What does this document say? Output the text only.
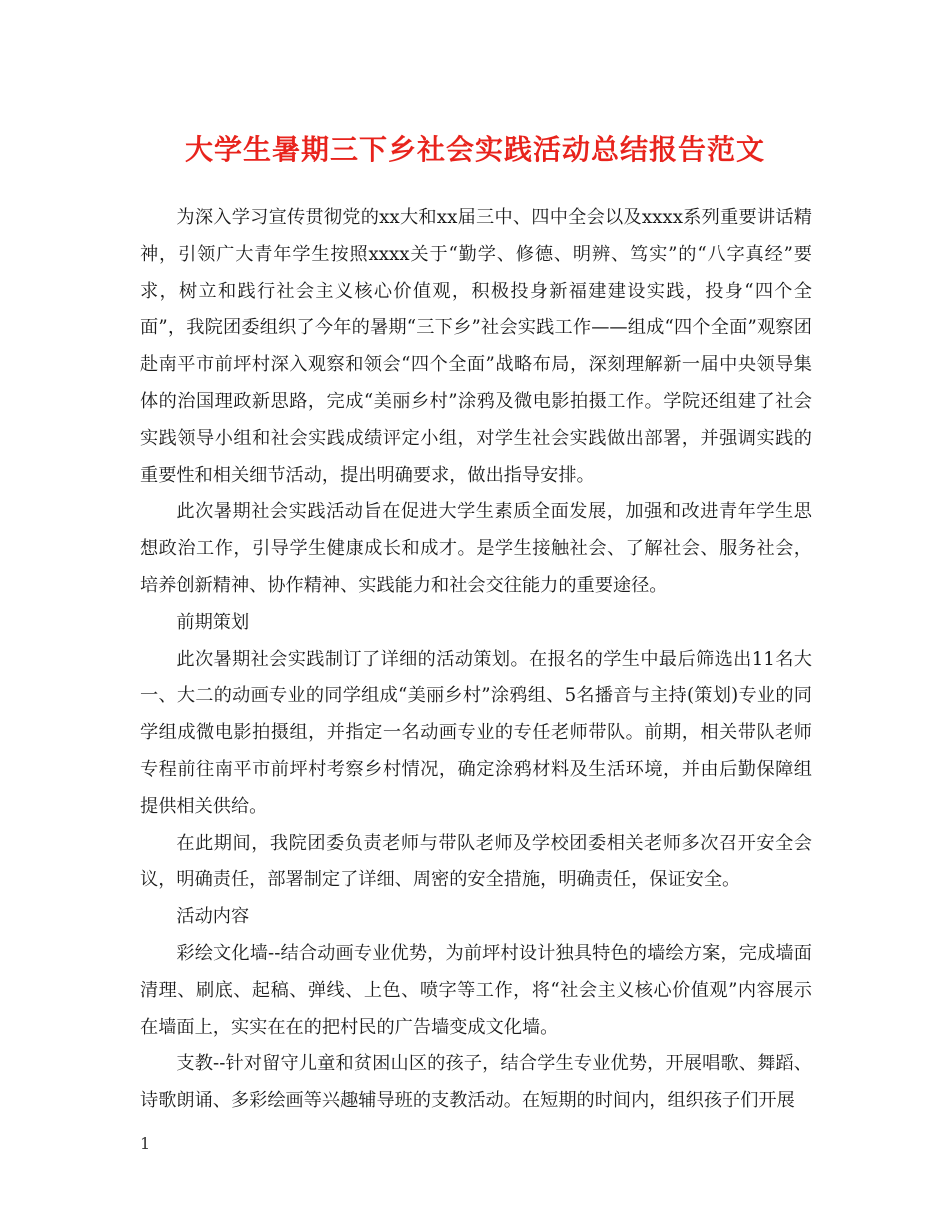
大学生暑期三下乡社会实践活动总结报告范文

为深入学习宣传贯彻党的xx大和xx届三中、四中全会以及xxxx系列重要讲话精神，引领广大青年学生按照xxxx关于“勤学、修德、明辨、笃实”的“八字真经”要求，树立和践行社会主义核心价值观，积极投身新福建建设实践，投身“四个全面”，我院团委组织了今年的暑期“三下乡”社会实践工作——组成“四个全面”观察团赴南平市前坪村深入观察和领会“四个全面”战略布局，深刻理解新一届中央领导集体的治国理政新思路，完成“美丽乡村”涂鸦及微电影拍摄工作。学院还组建了社会实践领导小组和社会实践成绩评定小组，对学生社会实践做出部署，并强调实践的重要性和相关细节活动，提出明确要求，做出指导安排。

此次暑期社会实践活动旨在促进大学生素质全面发展，加强和改进青年学生思想政治工作，引导学生健康成长和成才。是学生接触社会、了解社会、服务社会，培养创新精神、协作精神、实践能力和社会交往能力的重要途径。

前期策划

此次暑期社会实践制订了详细的活动策划。在报名的学生中最后筛选出11名大一、大二的动画专业的同学组成“美丽乡村”涂鸦组、5名播音与主持(策划)专业的同学组成微电影拍摄组，并指定一名动画专业的专任老师带队。前期，相关带队老师专程前往南平市前坪村考察乡村情况，确定涂鸦材料及生活环境，并由后勤保障组提供相关供给。

在此期间，我院团委负责老师与带队老师及学校团委相关老师多次召开安全会议，明确责任，部署制定了详细、周密的安全措施，明确责任，保证安全。

活动内容

彩绘文化墙--结合动画专业优势，为前坪村设计独具特色的墙绘方案，完成墙面清理、刷底、起稿、弹线、上色、喷字等工作，将“社会主义核心价值观”内容展示在墙面上，实实在在的把村民的广告墙变成文化墙。

支教--针对留守儿童和贫困山区的孩子，结合学生专业优势，开展唱歌、舞蹈、诗歌朗诵、多彩绘画等兴趣辅导班的支教活动。在短期的时间内，组织孩子们开展

1
